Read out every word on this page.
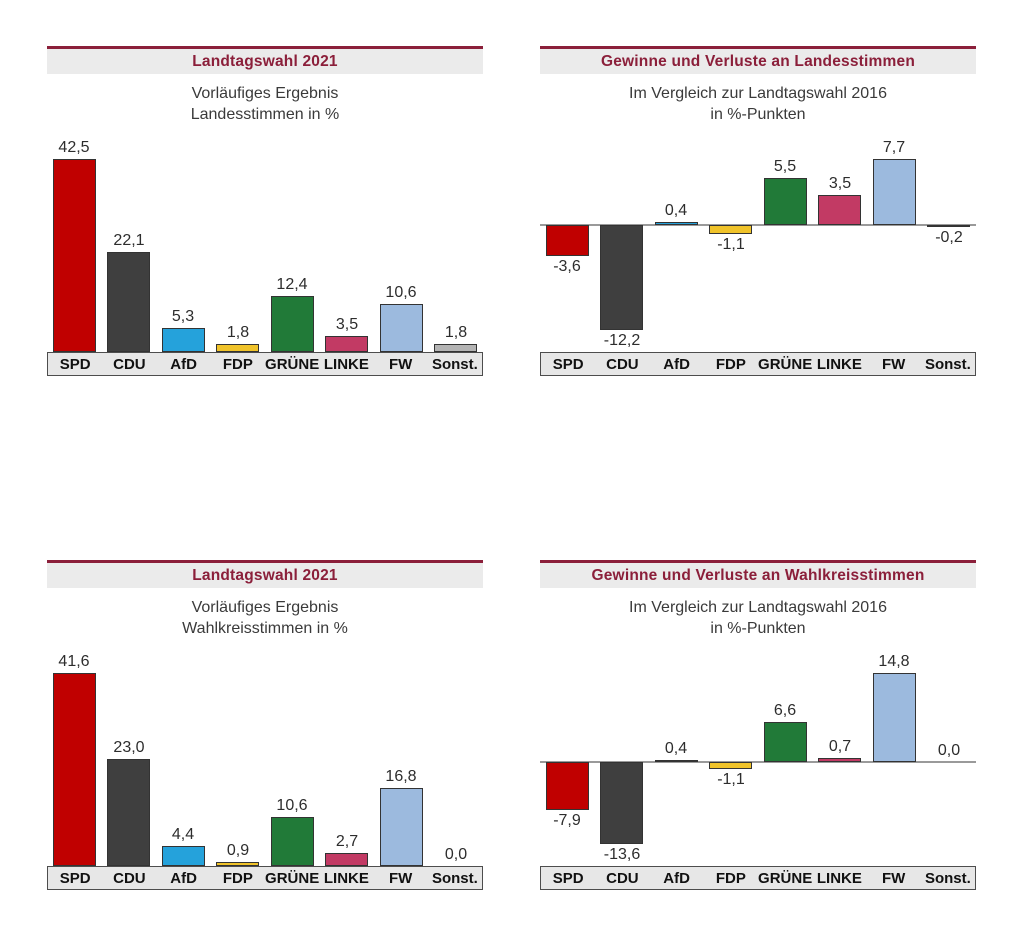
Landtagswahl 2021
Vorläufiges Ergebnis
Landesstimmen in %
42,5
22,1
5,3
1,8
12,4
3,5
10,6
1,8
SPD	CDU	AfD	FDP GRÜNE LINKE	FW	Sonst.
Gewinne und Verluste an Landesstimmen
Im Vergleich zur Landtagswahl 2016
in %-Punkten
-3,6
-12,2
0,4
-1,1
5,5
3,5
7,7
-0,2
SPD	CDU	AfD	FDP GRÜNE LINKE	FW	Sonst.
Landtagswahl 2021
Vorläufiges Ergebnis
Wahlkreisstimmen in %
41,6
23,0
4,4
0,9
10,6
2,7
16,8
0,0
SPD	CDU	AfD	FDP GRÜNE LINKE	FW	Sonst.
Gewinne und Verluste an Wahlkreisstimmen
Im Vergleich zur Landtagswahl 2016
in %-Punkten
-7,9
-13,6
0,4
-1,1
6,6
0,7
14,8
0,0
SPD	CDU	AfD	FDP GRÜNE LINKE	FW	Sonst.
